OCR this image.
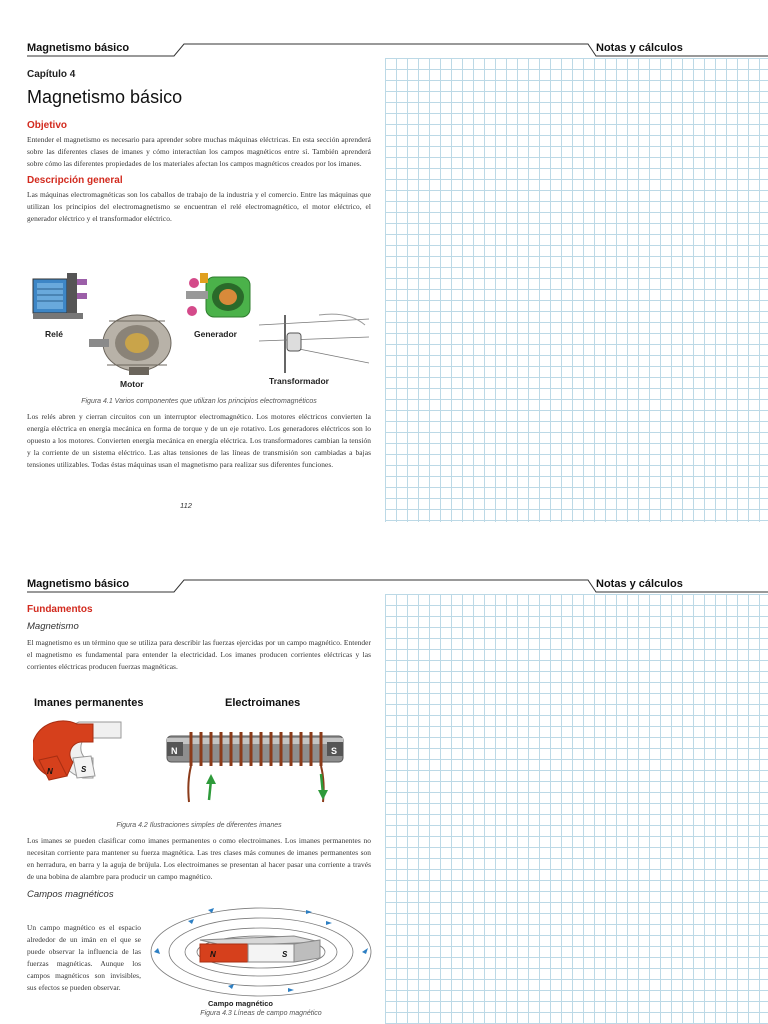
Magnetismo básico	Notas y cálculos
Capítulo 4
Magnetismo básico
Objetivo
Entender el magnetismo es necesario para aprender sobre muchas máquinas eléctricas. En esta sección aprenderá sobre las diferentes clases de imanes y cómo interactúan los campos magnéticos entre sí. También aprenderá sobre cómo las diferentes propiedades de los materiales afectan los campos magnéticos creados por los imanes.
Descripción general
Las máquinas electromagnéticas son los caballos de trabajo de la industria y el comercio. Entre las máquinas que utilizan los principios del electromagnetismo se encuentran el relé electromagnético, el motor eléctrico, el generador eléctrico y el transformador eléctrico.
Relé
Motor
Generador
Transformador
Figura 4.1 Varios componentes que utilizan los principios electromagnéticos
Los relés abren y cierran circuitos con un interruptor electromagnético. Los motores eléctricos convierten la energía eléctrica en energía mecánica en forma de torque y de un eje rotativo. Los generadores eléctricos son lo opuesto a los motores. Convierten energía mecánica en energía eléctrica. Los transformadores cambian la tensión y la corriente de un sistema eléctrico. Las altas tensiones de las líneas de transmisión son cambiadas a bajas tensiones utilizables. Todas éstas máquinas usan el magnetismo para realizar sus diferentes funciones.
112
Magnetismo básico	Notas y cálculos
Fundamentos
Magnetismo
El magnetismo es un término que se utiliza para describir las fuerzas ejercidas por un campo magnético. Entender el magnetismo es fundamental para entender la electricidad. Los imanes producen corrientes eléctricas y las corrientes eléctricas producen fuerzas magnéticas.
Imanes permanentes	Electroimanes
N	S
N	S
Figura 4.2 Ilustraciones simples de diferentes imanes
Los imanes se pueden clasificar como imanes permanentes o como electroimanes. Los imanes permanentes no necesitan corriente para mantener su fuerza magnética. Las tres clases más comunes de imanes permanentes son en herradura, en barra y la aguja de brújula. Los electroimanes se presentan al hacer pasar una corriente a través de una bobina de alambre para producir un campo magnético.
Campos magnéticos
Un campo magnético es el espacio alrededor de un imán en el que se puede observar la influencia de las fuerzas magnéticas. Aunque los campos magnéticos son invisibles, sus efectos se pueden observar.
N	S
Campo magnético
Figura 4.3 Líneas de campo magnético
